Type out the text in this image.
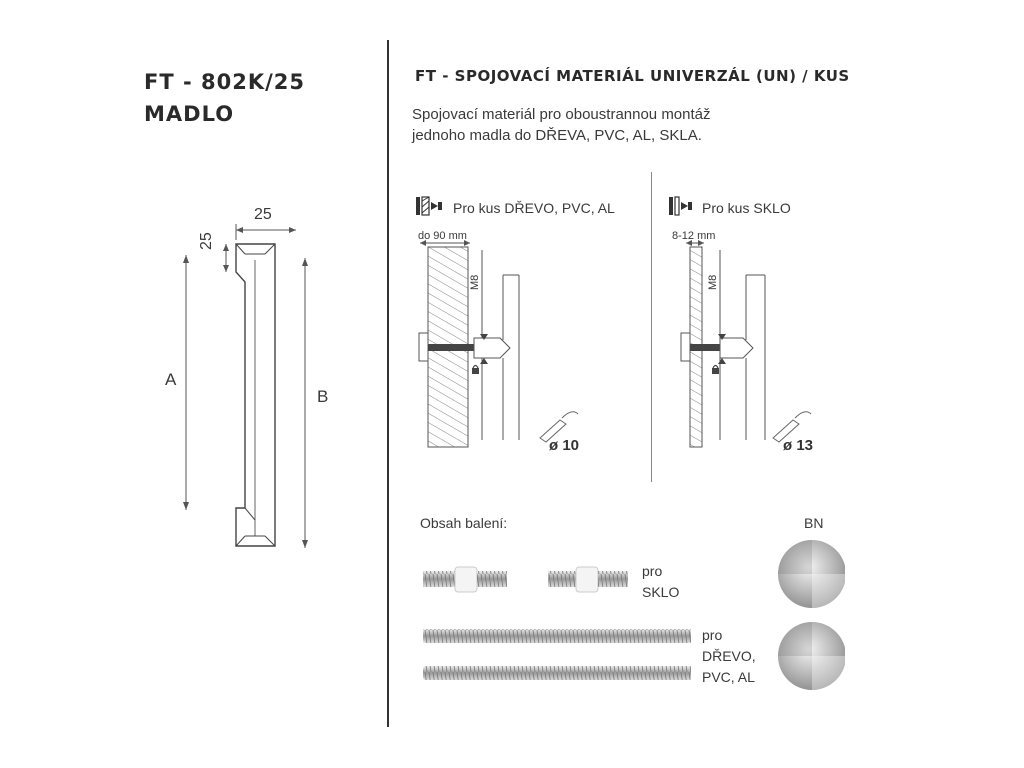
FT - 802K/25
MADLO
25
25
A
B
FT - SPOJOVACÍ MATERIÁL UNIVERZÁL (UN) / KUS
Spojovací materiál pro oboustrannou montáž
jednoho madla do DŘEVA, PVC, AL, SKLA.
Pro kus DŘEVO, PVC, AL
M8
do 90 mm
ø 10
Pro kus SKLO
M8
8-12 mm
ø 13
Obsah balení:
pro
SKLO
pro
DŘEVO,
PVC, AL
BN
